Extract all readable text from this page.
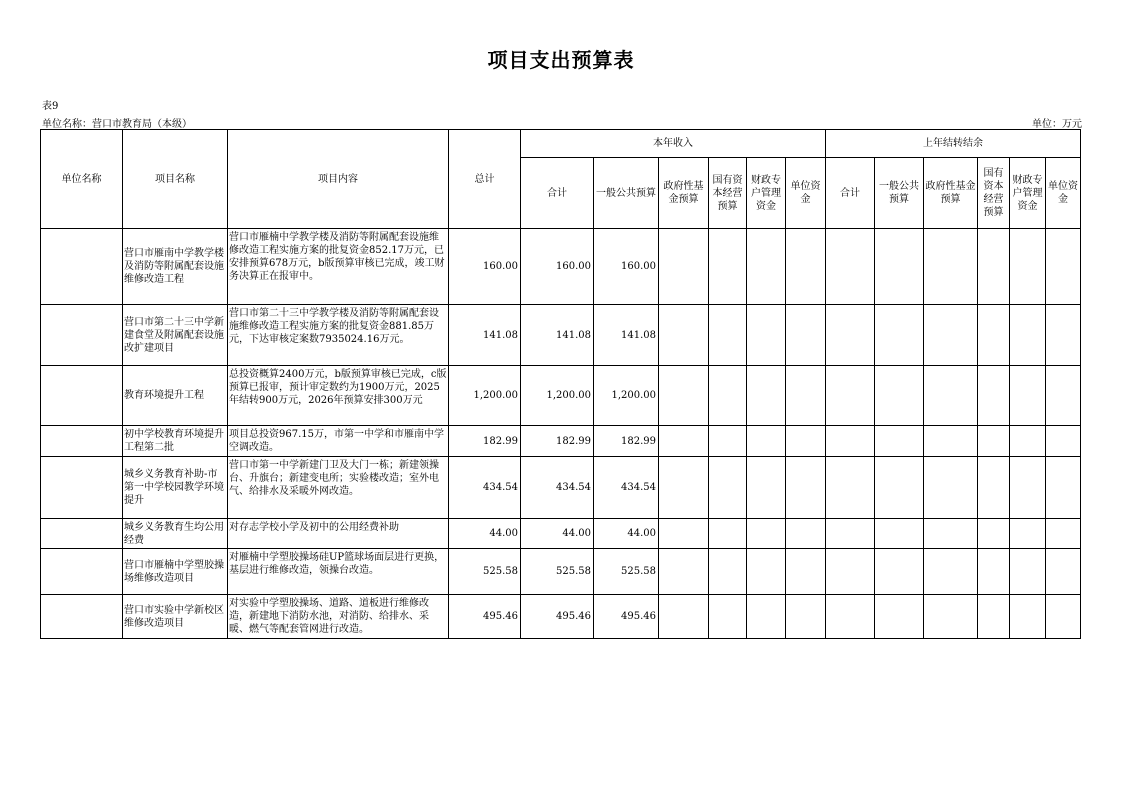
项目支出预算表
表9
单位名称：营口市教育局（本级）	单位：万元
单位名称	项目名称	项目内容	总计	本年收入						上年结转结余					
				合计	一般公共预算	政府性基金预算	国有资本经营预算	财政专户管理资金	单位资金	合计	一般公共预算	政府性基金预算	国有资本经营预算	财政专户管理资金	单位资金
	营口市雁南中学教学楼及消防等附属配套设施维修改造工程	营口市雁楠中学教学楼及消防等附属配套设施维修改造工程实施方案的批复资金852.17万元，已安排预算678万元，b版预算审核已完成，竣工财务决算正在报审中。	160.00	160.00	160.00										
	营口市第二十三中学新建食堂及附属配套设施改扩建项目	营口市第二十三中学教学楼及消防等附属配套设施维修改造工程实施方案的批复资金881.85万元，下达审核定案数7935024.16万元。	141.08	141.08	141.08										
	教育环境提升工程	总投资概算2400万元，b版预算审核已完成，c版预算已报审，预计审定数约为1900万元，2025年结转900万元，2026年预算安排300万元	1,200.00	1,200.00	1,200.00										
	初中学校教育环境提升工程第二批	项目总投资967.15万，市第一中学和市雁南中学空调改造。	182.99	182.99	182.99										
	城乡义务教育补助-市第一中学校园教学环境提升	营口市第一中学新建门卫及大门一栋；新建领操台、升旗台；新建变电所；实验楼改造；室外电气、给排水及采暖外网改造。	434.54	434.54	434.54										
	城乡义务教育生均公用经费	对存志学校小学及初中的公用经费补助	44.00	44.00	44.00										
	营口市雁楠中学塑胶操场维修改造项目	对雁楠中学塑胶操场硅UP篮球场面层进行更换，基层进行维修改造，领操台改造。	525.58	525.58	525.58										
	营口市实验中学新校区维修改造项目	对实验中学塑胶操场、道路、道板进行维修改造，新建地下消防水池，对消防、给排水、采暖、燃气等配套管网进行改造。	495.46	495.46	495.46										
